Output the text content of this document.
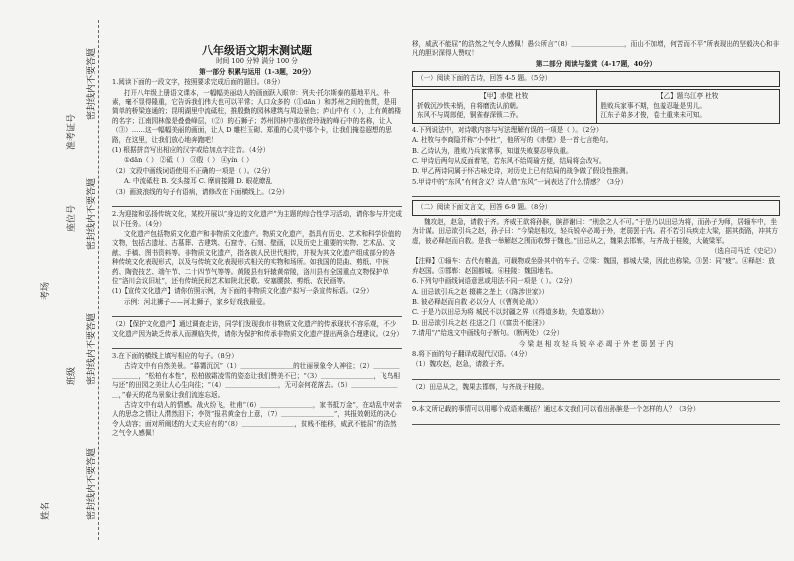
姓名
班级
考场
座位号
准考证号
密封线内不要答题
密封线内不要答题
密封线内不要答题
密封线内不要答题
八年级语文期末测试题

时间 100 分钟 满分 100 分

第一部分 积累与运用（1-3题，20分）

1.阅读下面的一段文字，按照要求完成后面的题目。（8分）

打开八年级上册语文课本，一幅幅美丽动人的画面跃入眼帘：列夫·托尔斯泰的墓地平凡、朴素，毫不显得隆重，它告诉我们伟大也可以平常；人口众多的（①dān ）和苏州之间的鱼贯，是用简单的桥梁连通的；昆明湖里中流砥柱，推殷勤的园林建筑与周边景色；庐山中有（ ），上有黄鹤楼的名字；江南园林像是叠叠峰层，（②）的石狮子；苏州园林中那依傍玲珑的峰石中的名称，让人（③）……这一幅幅美丽的画面，让人 D 雕栏玉砌、郑重的心灵中那个卡，让我们掩卷遐想的思路，在这里，让我们放心地奔跑吧！

(1) 根据拼音写出相应的汉字或给加点字注音。（4分）

①dān（ ） ②砥（ ） ③殷（ ） ④yín（ ）

（2）文段中画线词语使用不正确的一项是（ ）。（2分）

A. 中流砥柱 B. 交头接耳 C. 摩肩接踵 D. 眼花缭乱

（3）画波浪线的句子有语病，请修改在下面横线上。（2分）

2.为迎接和弘扬传统文化，某校开展以“身边的文化遗产”为主题的综合性学习活动，请你参与并完成以下任务。（4分）

文化遗产包括物质文化遗产和非物质文化遗产。物质文化遗产，指具有历史、艺术和科学价值的文物，包括古遗址、古墓葬、古建筑、石窟寺、石刻、壁画，以及历史上重要的实物、艺术品、文献、手稿、图书资料等。非物质文化遗产，指各族人民世代相传，并视为其文化遗产组成部分的各种传统文化表现形式，以及与传统文化表现形式相关的实物和场所。如我国的昆曲、剪纸、中医药、陶瓷技艺、端午节、二十四节气等等。黄陵县有轩辕黄帝陵，洛川县有全国重点文物保护单位“洛川会议旧址”，还有传统民间艺术如陕北民歌、安塞腰鼓、剪纸、农民画等。

(1)【宣传文化遗产】请你仿照示例，为下面的非物质文化遗产拟写一条宣传标语。（2分）

示例：河北狮子——河北狮子，家乡好戏我最爱。

（2）【保护文化遗产】通过调查走访，同学们发现我市非物质文化遗产的传承现状不容乐观，不少文化遗产因为缺乏传承人而濒临失传，请你为保护和传承非物质文化遗产提出两条合理建议。（2分）

3.在下面的横线上填写相应的句子。（8分）

古诗文中有自然美景。“暮霭沉沉”（1）＿＿＿＿＿＿＿＿的壮丽景象令人神往；（2）＿＿＿＿＿＿＿＿，“松柏有本性”，松柏傲霜凌雪的姿态让我们赞美不已；“（3）＿＿＿＿＿＿＿＿，飞鸟相与还”的田园之美让人心生向往；“（4）＿＿＿＿＿＿＿＿，无可奈何花落去。（5）＿＿＿＿＿＿＿＿，”春天的花鸟景象让我们流连忘返。

古诗文中有动人的情感。战火纷飞，杜甫“（6）＿＿＿＿＿＿＿＿，家书抵万金”，在动乱中对亲人的思念之情让人潸然泪下；李贺“报君黄金台上意，（7）＿＿＿＿＿＿＿＿”，其报效朝廷的决心令人动容；面对所阐述的大丈夫应有的“（8）＿＿＿＿＿＿＿＿，贫贱不能移，威武不能屈”的浩然之气令人感佩！

移，威武不能屈”的浩然之气令人感佩！愚公所言“（8）＿＿＿＿＿＿＿＿，而山不加增，何苦而不平”所表现出的坚毅决心和非凡的胆识深得人赞叹！

第二部分 阅读与鉴赏（4-17题，40分）

（一）阅读下面的古诗，回答 4-5 题。（5分）
【甲】赤壁 杜牧
折戟沉沙铁未销，自将磨洗认前朝。
东风不与周郎便，铜雀春深锁二乔。
【乙】题乌江亭 杜牧
胜败兵家事不期，包羞忍耻是男儿。
江东子弟多才俊，卷土重来未可知。

4.下列说法中，对诗歌内容与写法理解有误的一项是（ ）。（2分）

A. 杜牧与李商隐并称“小李杜”，他所写的《赤壁》是一首七言绝句。

B. 乙诗认为，胜败乃兵家常事，知道失败要忍辱负重。

C. 甲诗后两句从反面着笔，若东风不给周瑜方便，结局将会改写。

D. 甲乙两诗同属于怀古咏史诗，对历史上已有结局的战争做了假设性推测。

5.甲诗中的“东风”有何含义？诗人借“东风”一词表达了什么情感？（3分）

（二）阅读下面文言文，回答 6-9 题。（8分）

魏攻赵，赵急，请救于齐。齐威王欲将孙膑，膑辞谢曰：“刑余之人不可。”于是乃以田忌为将，而孙子为师，居辎车中，坐为计谋。田忌欲引兵之赵，孙子曰：“今梁赵相攻，轻兵锐卒必竭于外，老弱罢于内。君不若引兵疾走大梁，据其街路，冲其方虚，彼必释赵而自救。是我一举解赵之围而收弊于魏也。”田忌从之，魏果去邯郸，与齐战于桂陵，大破梁军。

（选自司马迁《史记》）

【注释】①辎车：古代有帷盖，可载物或坐卧其中的车子。②梁：魏国，都城大梁，因此也称梁。③罢：同“疲”。④释赵：放弃赵国。⑤邯郸：赵国都城。⑥桂陵：魏国地名。

6.下列句中画线词语意思或用法不同一项是（ ）。（2分）

A. 田忌欲引兵之赵 辍耕之垄上（《陈涉世家》）

B. 彼必释赵而自救 必以分人（《曹刿论战》）

C. 于是乃以田忌为将 城民不以封疆之界（《得道多助，失道寡助》）

D. 田忌欲引兵之赵 往送之门（《富贵不能淫》）

7.请用“/”给选文中画线句子断句。（断两处）（2分）

今 梁 赵 相 攻 轻 兵 锐 卒 必 竭 于 外 老 弱 罢 于 内

8.将下面的句子翻译成现代汉语。（4分）

（1）魏攻赵，赵急，请救于齐。

（2）田忌从之，魏果去邯郸，与齐战于桂陵。

9.本文所记载的事情可以用哪个成语来概括？通过本文我们可以看出孙膑是一个怎样的人？（3分）
